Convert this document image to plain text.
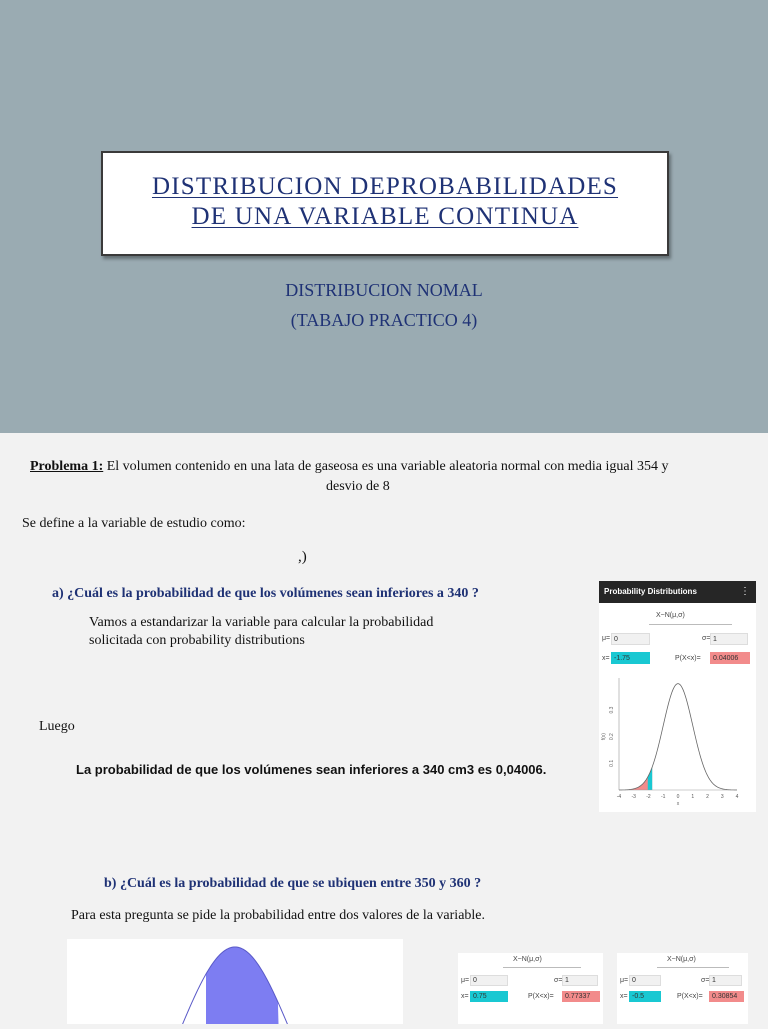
DISTRIBUCION DEPROBABILIDADES
DE UNA VARIABLE CONTINUA
DISTRIBUCION NOMAL
(TABAJO PRACTICO 4)
Problema 1: El volumen contenido en una lata de gaseosa es una variable aleatoria normal con media igual 354 y
desvio de 8
Se define a la variable de estudio como:
,)
a) ¿Cuál es la probabilidad de que los volúmenes sean inferiores a 340 ?
Vamos a estandarizar la variable para calcular la probabilidad
solicitada con probability distributions
Luego
La probabilidad de que los volúmenes sean inferiores a 340 cm3 es 0,04006.
b) ¿Cuál es la probabilidad de que se ubiquen entre 350 y 360 ?
Para esta pregunta se pide la probabilidad entre dos valores de la variable.
Probability Distributions	⋮
X~N(μ,σ)
μ= 0	σ= 1
x= -1.75	P(X<x)=	0.04006
0.3
0.2
0.1
-4 -3 -2 -1 0 1 2 3 4
f(x)
x
X~N(μ,σ)
μ= 0	σ= 1
x= 0.75	P(X<x)=	0.77337
X~N(μ,σ)
μ= 0	σ= 1
x= -0.5	P(X<x)=	0.30854
